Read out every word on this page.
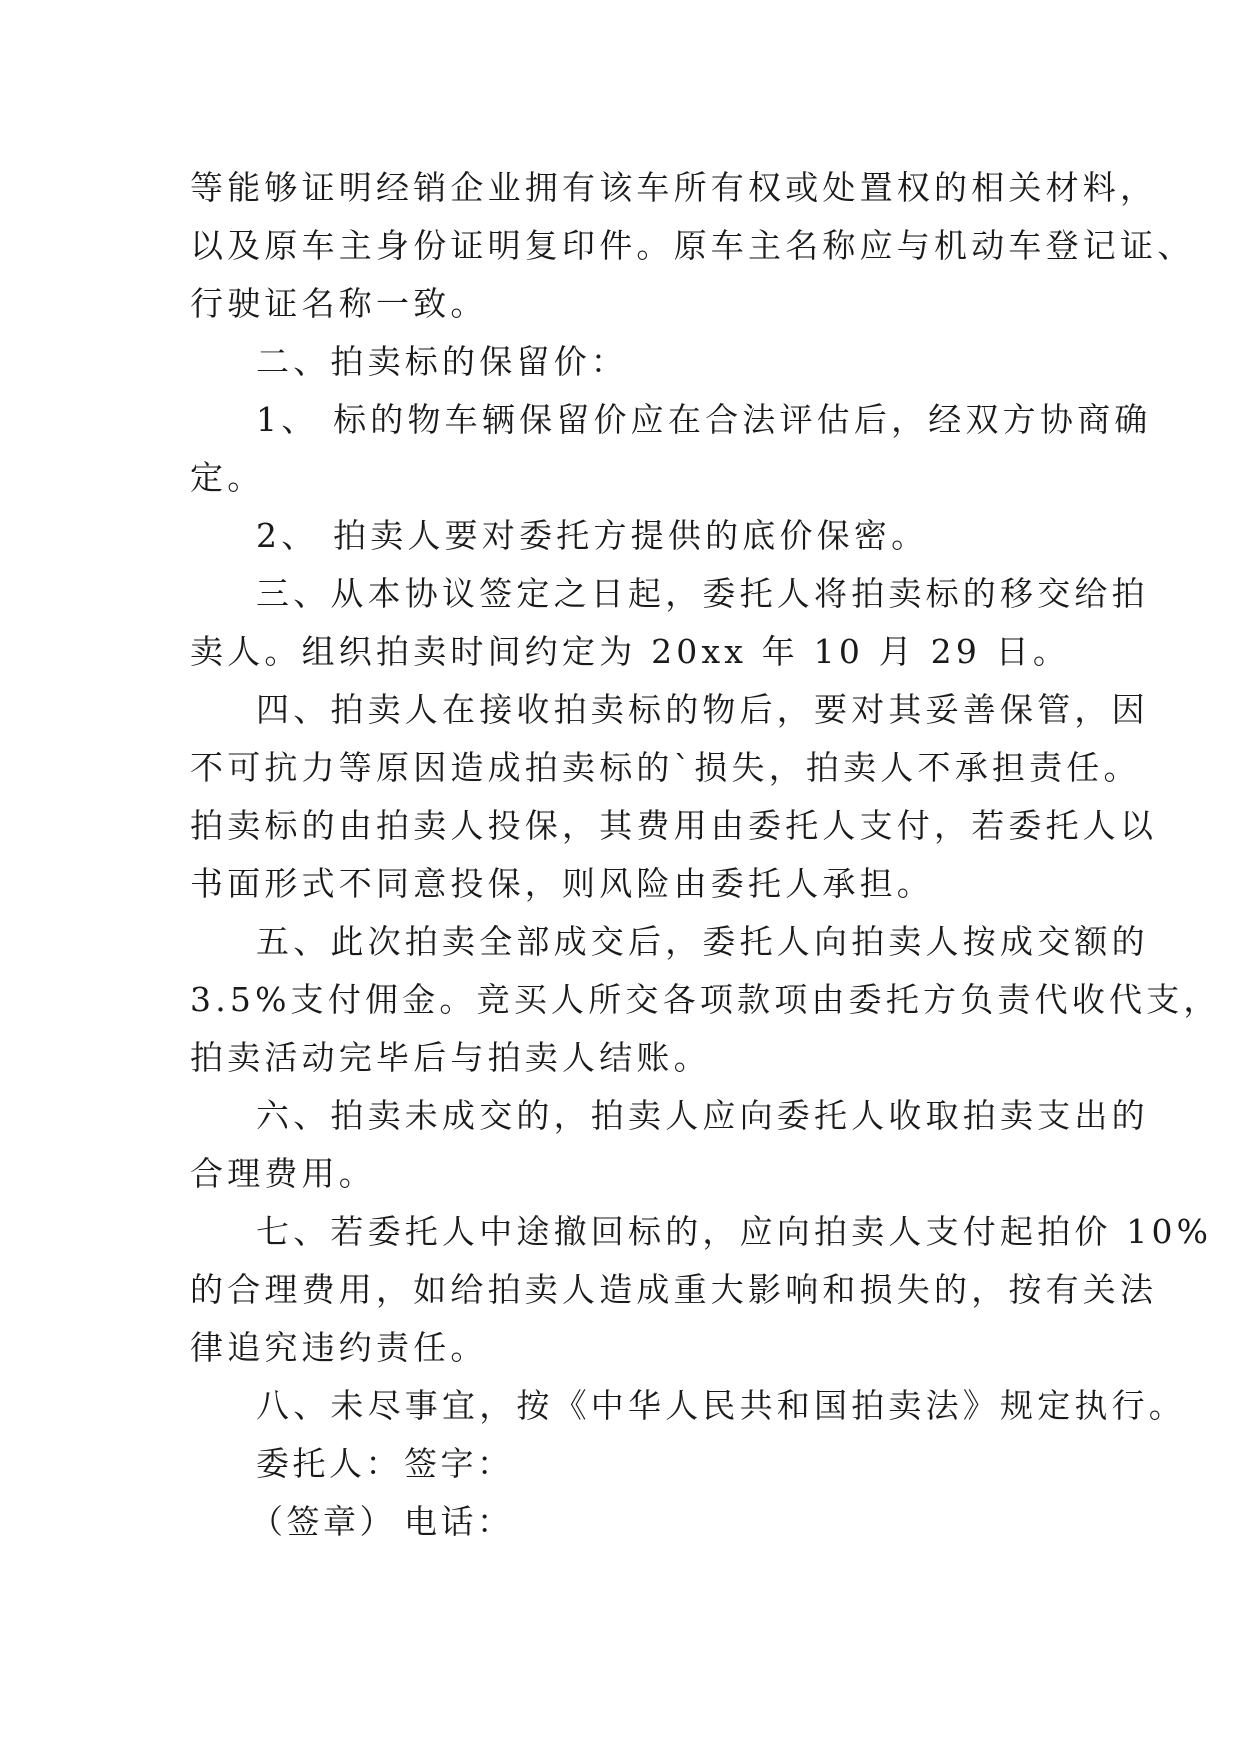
等能够证明经销企业拥有该车所有权或处置权的相关材料，

以及原车主身份证明复印件。原车主名称应与机动车登记证、

行驶证名称一致。

二、拍卖标的保留价：

1、 标的物车辆保留价应在合法评估后，经双方协商确

定。

2、 拍卖人要对委托方提供的底价保密。

三、从本协议签定之日起，委托人将拍卖标的移交给拍

卖人。组织拍卖时间约定为 20xx 年 10 月 29 日。

四、拍卖人在接收拍卖标的物后，要对其妥善保管，因

不可抗力等原因造成拍卖标的`损失，拍卖人不承担责任。

拍卖标的由拍卖人投保，其费用由委托人支付，若委托人以

书面形式不同意投保，则风险由委托人承担。

五、此次拍卖全部成交后，委托人向拍卖人按成交额的

3.5%支付佣金。竞买人所交各项款项由委托方负责代收代支，

拍卖活动完毕后与拍卖人结账。

六、拍卖未成交的，拍卖人应向委托人收取拍卖支出的

合理费用。

七、若委托人中途撤回标的，应向拍卖人支付起拍价 10%

的合理费用，如给拍卖人造成重大影响和损失的，按有关法

律追究违约责任。

八、未尽事宜，按《中华人民共和国拍卖法》规定执行。

委托人： 签字：

（签章） 电话：
